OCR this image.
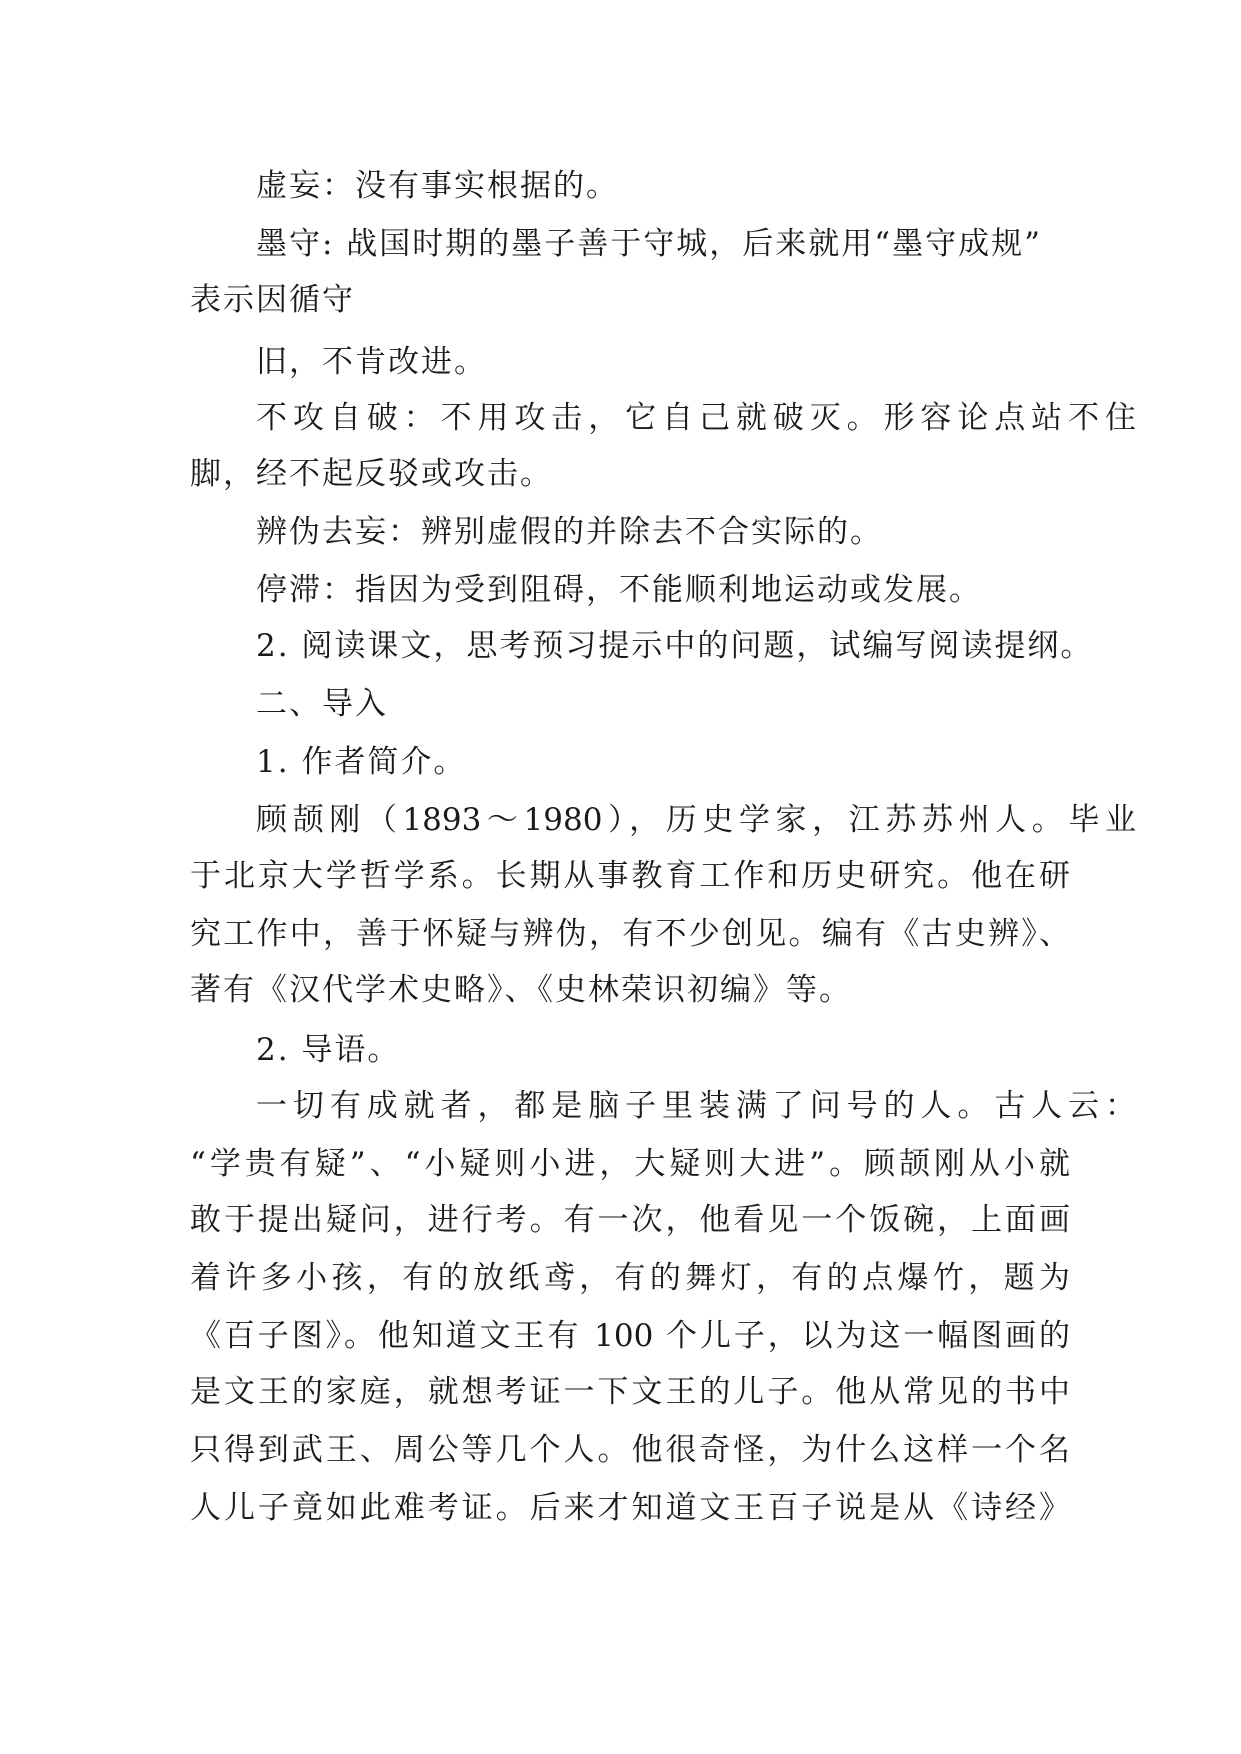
虚妄：没有事实根据的。
墨守: 战国时期的墨子善于守城，后来就用“墨守成规”
表示因循守
旧，不肯改进。
不攻自破：不用攻击，它自己就破灭。形容论点站不住
脚，经不起反驳或攻击。
辨伪去妄：辨别虚假的并除去不合实际的。
停滞：指因为受到阻碍，不能顺利地运动或发展。
2. 阅读课文，思考预习提示中的问题，试编写阅读提纲。
二、导入
1. 作者简介。
顾颉刚（1893～1980），历史学家，江苏苏州人。毕业
于北京大学哲学系。长期从事教育工作和历史研究。他在研
究工作中，善于怀疑与辨伪，有不少创见。编有《古史辨》、
著有《汉代学术史略》、《史林荣识初编》等。
2. 导语。
一切有成就者，都是脑子里装满了问号的人。古人云：
“学贵有疑”、“小疑则小进，大疑则大进”。顾颉刚从小就
敢于提出疑问，进行考。有一次，他看见一个饭碗，上面画
着许多小孩，有的放纸鸢，有的舞灯，有的点爆竹，题为
《百子图》。他知道文王有 100 个儿子，以为这一幅图画的
是文王的家庭，就想考证一下文王的儿子。他从常见的书中
只得到武王、周公等几个人。他很奇怪，为什么这样一个名
人儿子竟如此难考证。后来才知道文王百子说是从《诗经》
